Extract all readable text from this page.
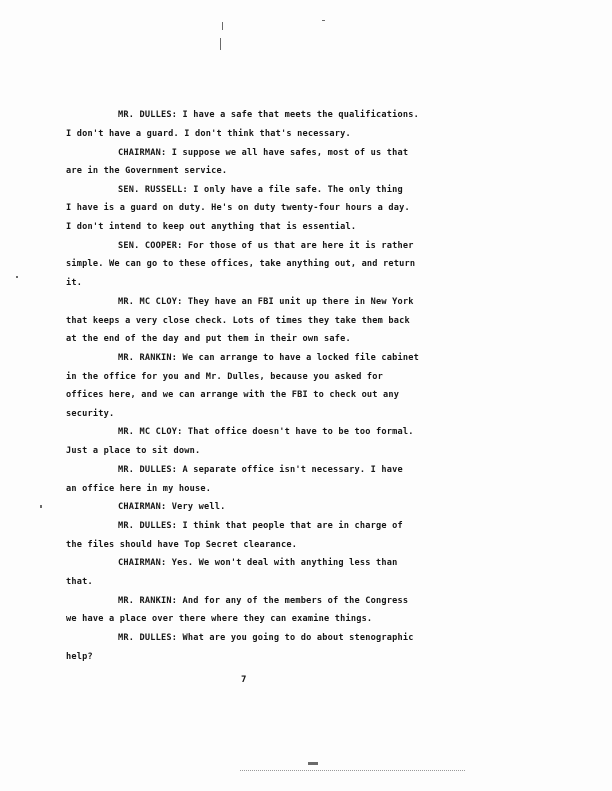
MR. DULLES: I have a safe that meets the qualifications.
I don't have a guard. I don't think that's necessary.
CHAIRMAN: I suppose we all have safes, most of us that
are in the Government service.
SEN. RUSSELL: I only have a file safe. The only thing
I have is a guard on duty. He's on duty twenty-four hours a day.
I don't intend to keep out anything that is essential.
SEN. COOPER: For those of us that are here it is rather
simple. We can go to these offices, take anything out, and return
it.
MR. MC CLOY: They have an FBI unit up there in New York
that keeps a very close check. Lots of times they take them back
at the end of the day and put them in their own safe.
MR. RANKIN: We can arrange to have a locked file cabinet
in the office for you and Mr. Dulles, because you asked for
offices here, and we can arrange with the FBI to check out any
security.
MR. MC CLOY: That office doesn't have to be too formal.
Just a place to sit down.
MR. DULLES: A separate office isn't necessary. I have
an office here in my house.
CHAIRMAN: Very well.
MR. DULLES: I think that people that are in charge of
the files should have Top Secret clearance.
CHAIRMAN: Yes. We won't deal with anything less than
that.
MR. RANKIN: And for any of the members of the Congress
we have a place over there where they can examine things.
MR. DULLES: What are you going to do about stenographic
help?
7
